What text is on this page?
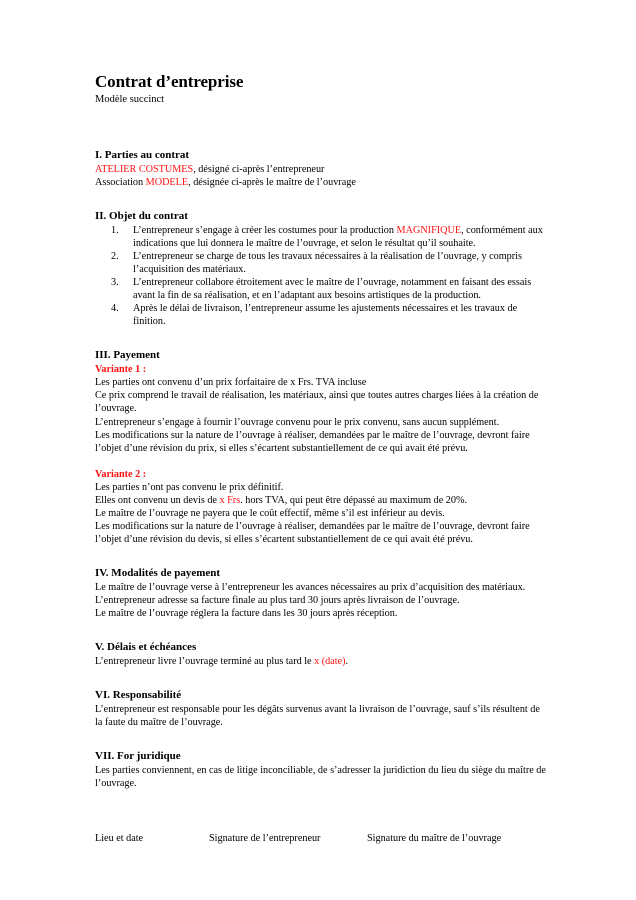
Contrat d’entreprise
Modèle succinct
I. Parties au contrat

ATELIER COSTUMES, désigné ci-après l’entrepreneur

Association MODELE, désignée ci-après le maître de l’ouvrage

II. Objet du contrat
L’entrepreneur s’engage à créer les costumes pour la production MAGNIFIQUE, conformément aux indications que lui donnera le maître de l’ouvrage, et selon le résultat qu’il souhaite.
L’entrepreneur se charge de tous les travaux nécessaires à la réalisation de l’ouvrage, y compris l’acquisition des matériaux.
L’entrepreneur collabore étroitement avec le maître de l’ouvrage, notamment en faisant des essais avant la fin de sa réalisation, et en l’adaptant aux besoins artistiques de la production.
Après le délai de livraison, l’entrepreneur assume les ajustements nécessaires et les travaux de finition.
III. Payement

Variante 1 :

Les parties ont convenu d’un prix forfaitaire de x Frs. TVA incluse

Ce prix comprend le travail de réalisation, les matériaux, ainsi que toutes autres charges liées à la création de l’ouvrage.

L’entrepreneur s’engage à fournir l’ouvrage convenu pour le prix convenu, sans aucun supplément.

Les modifications sur la nature de l’ouvrage à réaliser, demandées par le maître de l’ouvrage, devront faire l’objet d’une révision du prix, si elles s’écartent substantiellement de ce qui avait été prévu.

Variante 2 :

Les parties n’ont pas convenu le prix définitif.

Elles ont convenu un devis de x Frs. hors TVA, qui peut être dépassé au maximum de 20%.

Le maître de l’ouvrage ne payera que le coût effectif, même s’il est inférieur au devis.

Les modifications sur la nature de l’ouvrage à réaliser, demandées par le maître de l’ouvrage, devront faire l’objet d’une révision du devis, si elles s’écartent substantiellement de ce qui avait été prévu.

IV. Modalités de payement

Le maître de l’ouvrage verse à l’entrepreneur les avances nécessaires au prix d’acquisition des matériaux.

L’entrepreneur adresse sa facture finale au plus tard 30 jours après livraison de l’ouvrage.

Le maître de l’ouvrage réglera la facture dans les 30 jours après réception.

V. Délais et échéances

L’entrepreneur livre l’ouvrage terminé au plus tard le x (date).

VI. Responsabilité

L’entrepreneur est responsable pour les dégâts survenus avant la livraison de l’ouvrage, sauf s’ils résultent de la faute du maître de l’ouvrage.

VII. For juridique

Les parties conviennent, en cas de litige inconciliable, de s’adresser la juridiction du lieu du siège du maître de l’ouvrage.

Lieu et date	Signature de l’entrepreneur	Signature du maître de l’ouvrage
